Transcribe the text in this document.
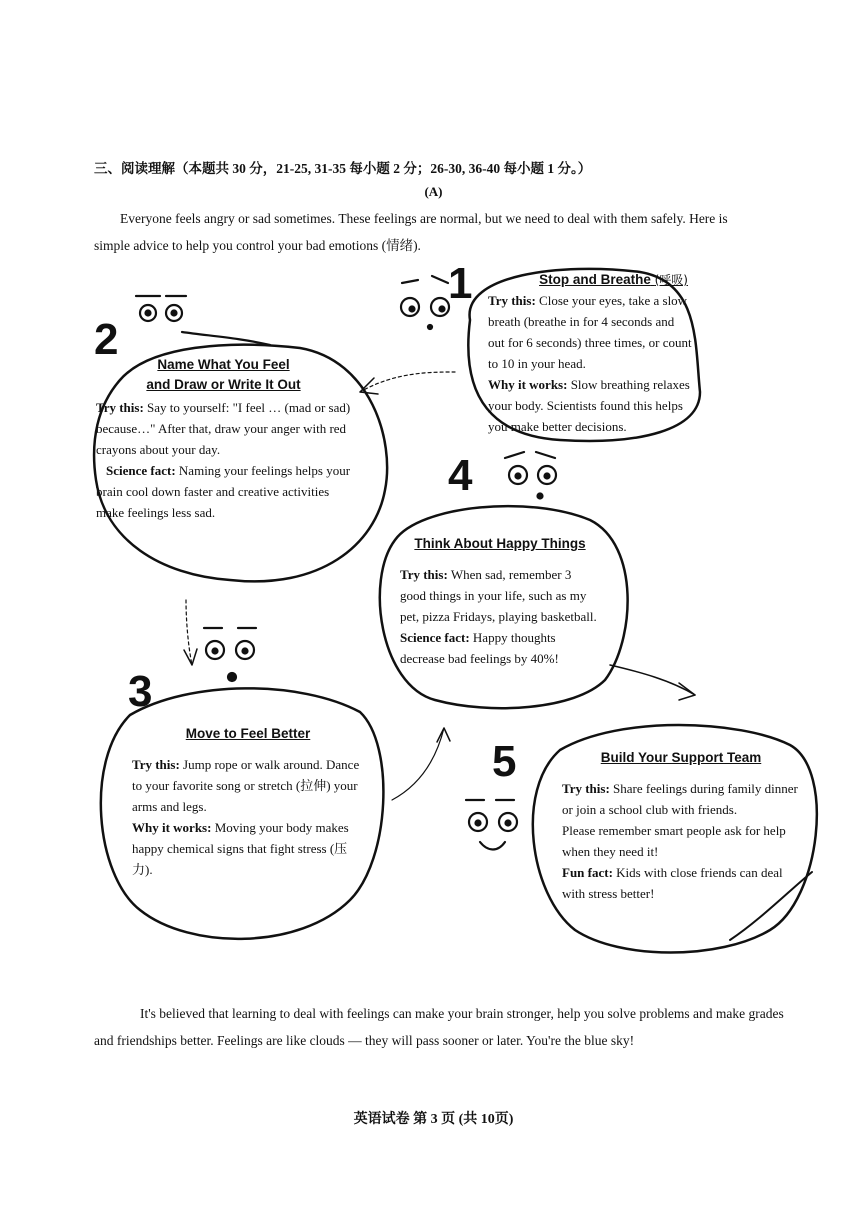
三、阅读理解（本题共 30 分，21-25, 31-35 每小题 2 分；26-30, 36-40 每小题 1 分。）
(A)
Everyone feels angry or sad sometimes. These feelings are normal, but we need to deal with them safely. Here is simple advice to help you control your bad emotions (情绪).
1
2
3
4
5
Stop and Breathe (呼吸)
Try this: Close your eyes, take a slow breath (breathe in for 4 seconds and out for 6 seconds) three times, or count to 10 in your head.
Why it works: Slow breathing relaxes your body. Scientists found this helps you make better decisions.
Name What You Feel
and Draw or Write It Out
Try this: Say to yourself: "I feel … (mad or sad) because…" After that, draw your anger with red crayons about your day.
Science fact: Naming your feelings helps your brain cool down faster and creative activities make feelings less sad.
Move to Feel Better
Try this: Jump rope or walk around. Dance to your favorite song or stretch (拉伸) your arms and legs.
Why it works: Moving your body makes happy chemical signs that fight stress (压力).
Think About Happy Things
Try this: When sad, remember 3 good things in your life, such as my pet, pizza Fridays, playing basketball.
Science fact: Happy thoughts decrease bad feelings by 40%!
Build Your Support Team
Try this: Share feelings during family dinner or join a school club with friends.
Please remember smart people ask for help when they need it!
Fun fact: Kids with close friends can deal with stress better!
It's believed that learning to deal with feelings can make your brain stronger, help you solve problems and make grades and friendships better. Feelings are like clouds — they will pass sooner or later. You're the blue sky!
英语试卷 第 3 页 (共 10页)
